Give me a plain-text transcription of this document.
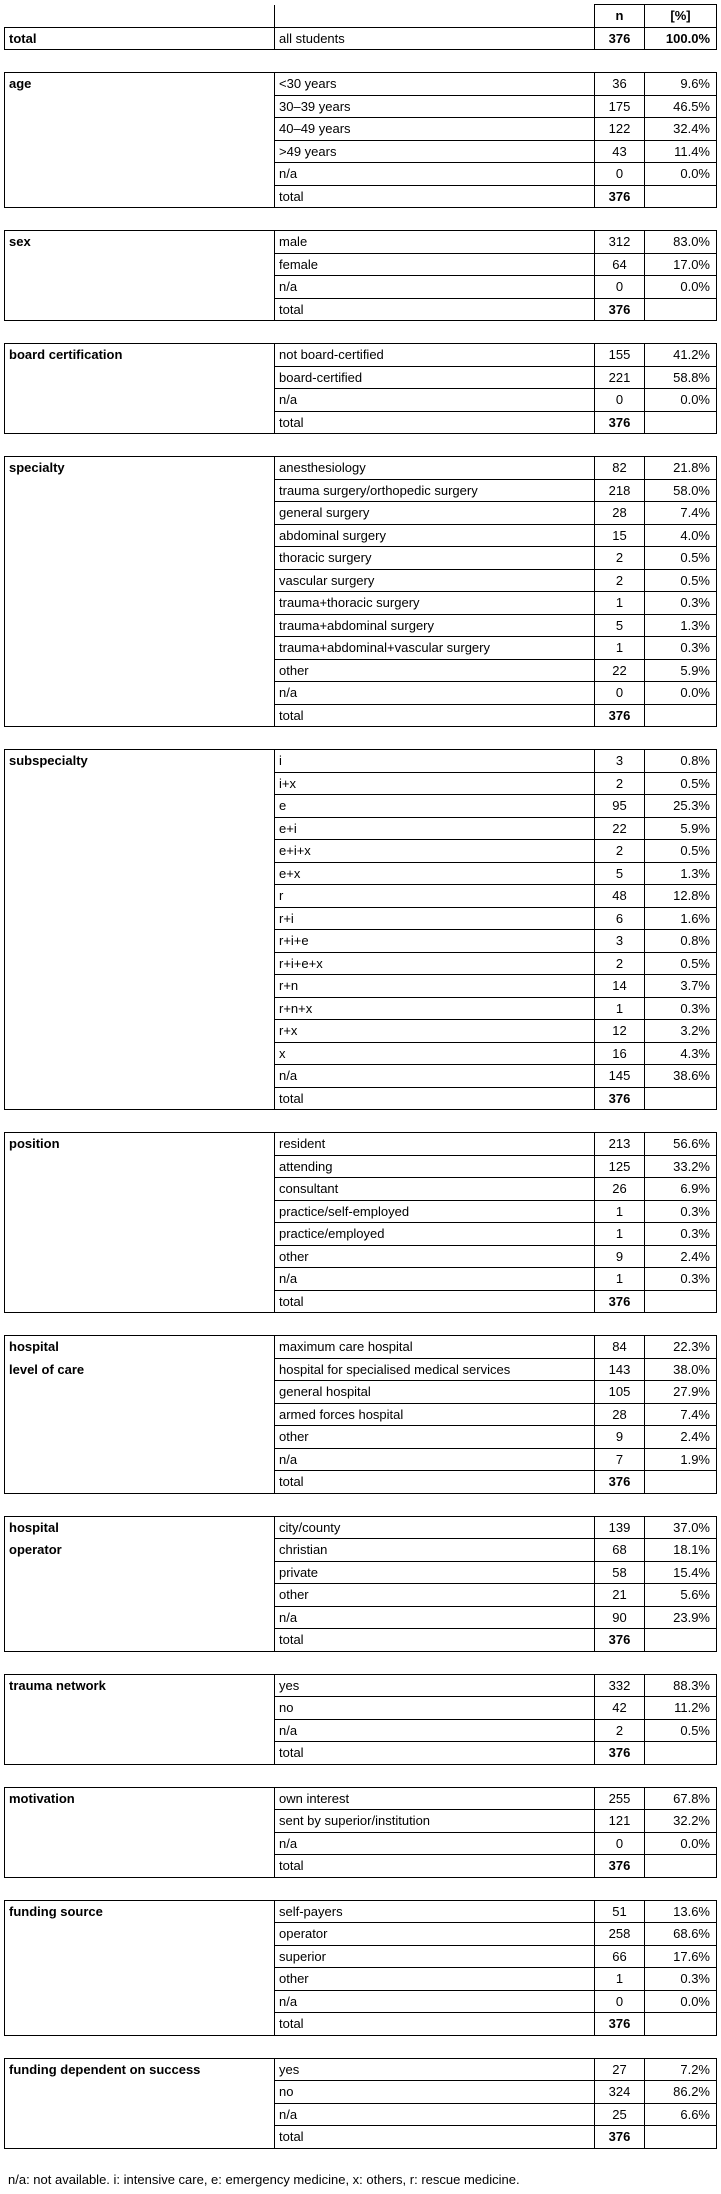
		n	[%]
total	all students	376	100.0%

age	<30 years	36	9.6%
	30–39 years	175	46.5%
	40–49 years	122	32.4%
	>49 years	43	11.4%
	n/a	0	0.0%
	total	376	

sex	male	312	83.0%
	female	64	17.0%
	n/a	0	0.0%
	total	376	

board certification	not board-certified	155	41.2%
	board-certified	221	58.8%
	n/a	0	0.0%
	total	376	

specialty	anesthesiology	82	21.8%
	trauma surgery/orthopedic surgery	218	58.0%
	general surgery	28	7.4%
	abdominal surgery	15	4.0%
	thoracic surgery	2	0.5%
	vascular surgery	2	0.5%
	trauma+thoracic surgery	1	0.3%
	trauma+abdominal surgery	5	1.3%
	trauma+abdominal+vascular surgery	1	0.3%
	other	22	5.9%
	n/a	0	0.0%
	total	376	

subspecialty	i	3	0.8%
	i+x	2	0.5%
	e	95	25.3%
	e+i	22	5.9%
	e+i+x	2	0.5%
	e+x	5	1.3%
	r	48	12.8%
	r+i	6	1.6%
	r+i+e	3	0.8%
	r+i+e+x	2	0.5%
	r+n	14	3.7%
	r+n+x	1	0.3%
	r+x	12	3.2%
	x	16	4.3%
	n/a	145	38.6%
	total	376	

position	resident	213	56.6%
	attending	125	33.2%
	consultant	26	6.9%
	practice/self-employed	1	0.3%
	practice/employed	1	0.3%
	other	9	2.4%
	n/a	1	0.3%
	total	376	

hospital	maximum care hospital	84	22.3%
level of care	hospital for specialised medical services	143	38.0%
	general hospital	105	27.9%
	armed forces hospital	28	7.4%
	other	9	2.4%
	n/a	7	1.9%
	total	376	

hospital	city/county	139	37.0%
operator	christian	68	18.1%
	private	58	15.4%
	other	21	5.6%
	n/a	90	23.9%
	total	376	

trauma network	yes	332	88.3%
	no	42	11.2%
	n/a	2	0.5%
	total	376	

motivation	own interest	255	67.8%
	sent by superior/institution	121	32.2%
	n/a	0	0.0%
	total	376	

funding source	self-payers	51	13.6%
	operator	258	68.6%
	superior	66	17.6%
	other	1	0.3%
	n/a	0	0.0%
	total	376	

funding dependent on success	yes	27	7.2%
	no	324	86.2%
	n/a	25	6.6%
	total	376	
n/a: not available. i: intensive care, e: emergency medicine, x: others, r: rescue medicine.
